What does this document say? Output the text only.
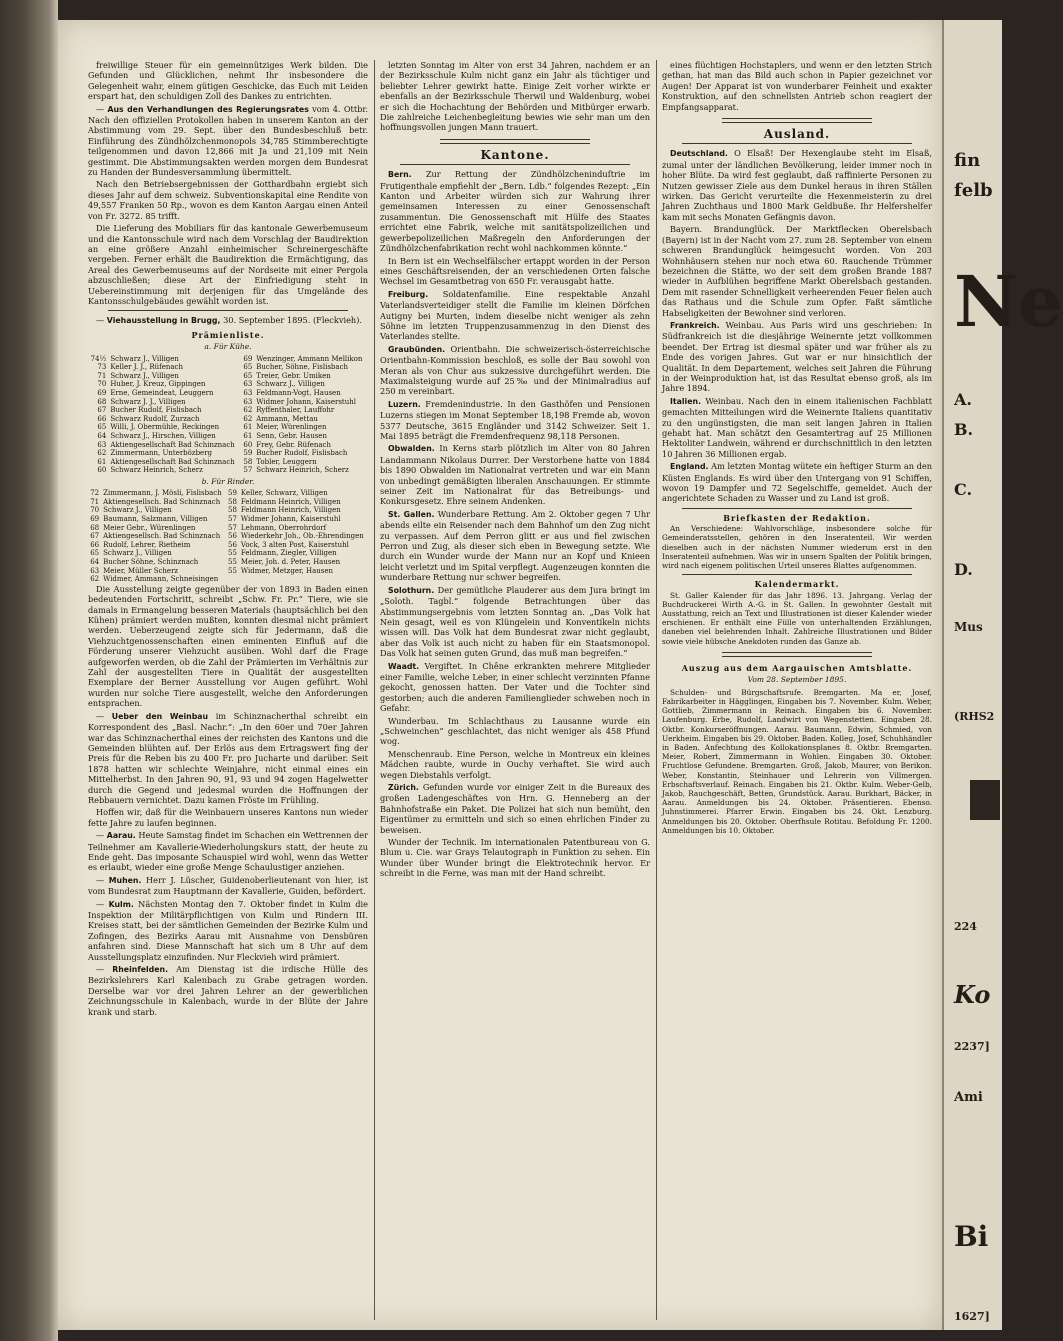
freiwillige Steuer für ein gemeinnütziges Werk bilden. Die Gefunden und Glücklichen, nehmt Ihr insbesondere die Gelegenheit wahr, einem gütigen Geschicke, das Euch mit Leiden erspart hat, den schuldigen Zoll des Dankes zu entrichten.

— Aus den Verhandlungen des Regierungsrates vom 4. Ottbr. Nach den offiziellen Protokollen haben in unserem Kanton an der Abstimmung vom 29. Sept. über den Bundesbeschluß betr. Einführung des Zündhölzchenmonopols 34,785 Stimmberechtigte teilgenommen und davon 12,866 mit Ja und 21,109 mit Nein gestimmt. Die Abstimmungsakten werden morgen dem Bundesrat zu Handen der Bundesversammlung übermittelt.

Nach den Betriebsergebnissen der Gotthardbahn ergiebt sich dieses Jahr auf dem schweiz. Subventionskapital eine Rendite von 49,557 Franken 50 Rp., wovon es dem Kanton Aargau einen Anteil von Fr. 3272. 85 trifft.

Die Lieferung des Mobiliars für das kantonale Gewerbemuseum und die Kantonsschule wird nach dem Vorschlag der Baudirektion an eine größere Anzahl einheimischer Schreinergeschäfte vergeben. Ferner erhält die Baudirektion die Ermächtigung, das Areal des Gewerbemuseums auf der Nordseite mit einer Pergola abzuschließen; diese Art der Einfriedigung steht in Uebereinstimmung mit derjenigen für das Umgelände des Kantonsschulgebäudes gewählt worden ist.

— Viehausstellung in Brugg, 30. September 1895. (Fleckvieh).

Prämienliste.
a. Für Kühe.
74½	Schwarz J., Villigen	69	Wenzinger, Ammann Mellikon
73	Keller J. J., Rüfenach	65	Bucher, Söhne, Fislisbach
71	Schwarz J., Villigen	65	Treier, Gebr. Umiken
70	Huber, J. Kreuz, Gippingen	63	Schwarz J., Villigen
69	Erne, Gemeindeat, Leuggern	63	Feldmann-Vogt, Hausen
68	Schwarz J. J., Villigen	63	Widmer Johann, Kaiserstuhl
67	Bucher Rudolf, Fislisbach	62	Ryffenthaler, Lauffohr
66	Schwarz Rudolf, Zurzach	62	Ammann, Mettau
65	Willi, J. Obermühle, Reckingen	61	Meier, Würenlingen
64	Schwarz J., Hirschen, Villigen	61	Senn, Gebr. Hausen
63	Aktiengesellschaft Bad Schinznach	60	Frey, Gebr. Rüfenach
62	Zimmermann, Unterbözberg	59	Bucher Rudolf, Fislisbach
61	Aktiengesellschaft Bad Schinznach	58	Tobler, Leuggern
60	Schwarz Heinrich, Scherz	57	Schwarz Heinrich, Scherz
b. Für Rinder.
72	Zimmermann, J. Mösli, Fislisbach	59	Keller, Schwarz, Villigen
71	Aktiengesellsch. Bad Schinznach	58	Feldmann Heinrich, Villigen
70	Schwarz J., Villigen	58	Feldmann Heinrich, Villigen
69	Baumann, Salzmann, Villigen	57	Widmer Johann, Kaiserstuhl
68	Meier Gebr., Würenlingen	57	Lehmann, Oberrohrdorf
67	Aktiengesellsch. Bad Schinznach	56	Wiederkehr Joh., Ob.-Ehrendingen
66	Rudolf, Lehrer, Rietheim	56	Vock, 3 alten Post, Kaiserstuhl
65	Schwarz J., Villigen	55	Feldmann, Ziegler, Villigen
64	Bucher Söhne, Schinznach	55	Meier, Joh. d. Peter, Hausen
63	Meier, Müller Scherz	55	Widmer, Metzger, Hausen
62	Widmer, Ammann, Schneisingen		

Die Ausstellung zeigte gegenüber der von 1893 in Baden einen bedeutenden Fortschritt, schreibt „Schw. Fr. Pr.“ Tiere, wie sie damals in Ermangelung besseren Materials (hauptsächlich bei den Kühen) prämiert werden mußten, konnten diesmal nicht prämiert werden. Ueberzeugend zeigte sich für Jedermann, daß die Viehzuchtgenossenschaften einen eminenten Einfluß auf die Förderung unserer Viehzucht ausüben. Wohl darf die Frage aufgeworfen werden, ob die Zahl der Prämierten im Verhältnis zur Zahl der ausgestellten Tiere in Qualität der ausgestellten Exemplare der Berner Ausstellung vor Augen geführt. Wohl wurden nur solche Tiere ausgestellt, welche den Anforderungen entsprachen.

— Ueber den Weinbau im Schinznacherthal schreibt ein Korrespondent des „Basl. Nachr.“: „In den 60er und 70er Jahren war das Schinznacherthal eines der reichsten des Kantons und die Gemeinden blühten auf. Der Erlös aus dem Ertragswert fing der Preis für die Reben bis zu 400 Fr. pro Jucharte und darüber. Seit 1878 hatten wir schlechte Weinjahre, nicht einmal eines ein Mittelherbst. In den Jahren 90, 91, 93 und 94 zogen Hagelwetter durch die Gegend und jedesmal wurden die Hoffnungen der Rebbauern vernichtet. Dazu kamen Fröste im Frühling.

Hoffen wir, daß für die Weinbauern unseres Kantons nun wieder fette Jahre zu laufen beginnen.

— Aarau. Heute Samstag findet im Schachen ein Wettrennen der Teilnehmer am Kavallerie-Wiederholungskurs statt, der heute zu Ende geht. Das imposante Schauspiel wird wohl, wenn das Wetter es erlaubt, wieder eine große Menge Schaulustiger anziehen.

— Muhen. Herr J. Lüscher, Guidenoberlieutenant von hier, ist vom Bundesrat zum Hauptmann der Kavallerie, Guiden, befördert.

— Kulm. Nächsten Montag den 7. Oktober findet in Kulm die Inspektion der Militärpflichtigen von Kulm und Rindern III. Kreises statt, bei der sämtlichen Gemeinden der Bezirke Kulm und Zofingen, des Bezirks Aarau mit Ausnahme von Densbüren anfahren sind. Diese Mannschaft hat sich um 8 Uhr auf dem Ausstellungsplatz einzufinden. Nur Fleckvieh wird prämiert.

— Rheinfelden. Am Dienstag ist die irdische Hülle des Bezirkslehrers Karl Kalenbach zu Grabe getragen worden. Derselbe war vor drei Jahren Lehrer an der gewerblichen Zeichnungsschule in Kalenbach, wurde in der Blüte der Jahre krank und starb.

letzten Sonntag im Alter von erst 34 Jahren, nachdem er an der Bezirksschule Kulm nicht ganz ein Jahr als tüchtiger und beliebter Lehrer gewirkt hatte. Einige Zeit vorher wirkte er ebenfalls an der Bezirksschule Therwil und Waldenburg, wobei er sich die Hochachtung der Behörden und Mitbürger erwarb. Die zahlreiche Leichenbegleitung bewies wie sehr man um den hoffnungsvollen jungen Mann trauert.

Kantone.

Bern. Zur Rettung der Zündhölzcheninduſtrie im Frutigenthale empfiehlt der „Bern. Ldb.“ folgendes Rezept: „Ein Kanton und Arbeiter würden sich zur Wahrung ihrer gemeinsamen Interessen zu einer Genossenschaft zusammentun. Die Genossenschaft mit Hülfe des Staates errichtet eine Fabrik, welche mit sanitätspolizeilichen und gewerbepolizeilichen Maßregeln den Anforderungen der Zündhölzchenfabrikation recht wohl nachkommen könnte.“

In Bern ist ein Wechselfälscher ertappt worden in der Person eines Geschäftsreisenden, der an verschiedenen Orten falsche Wechsel im Gesamtbetrag von 650 Fr. verausgabt hatte.

Freiburg. Soldatenfamilie. Eine respektable Anzahl Vaterlandsverteidiger stellt die Familie im kleinen Dörfchen Autigny bei Murten, indem dieselbe nicht weniger als zehn Söhne im letzten Truppenzusammenzug in den Dienst des Vaterlandes stellte.

Graubünden. Orientbahn. Die schweizerisch-österreichische Orientbahn-Kommission beschloß, es solle der Bau sowohl von Meran als von Chur aus sukzessive durchgeführt werden. Die Maximalsteigung wurde auf 25‰ und der Minimalradius auf 250 m vereinbart.

Luzern. Fremdenindustrie. In den Gasthöfen und Pensionen Luzerns stiegen im Monat September 18,198 Fremde ab, wovon 5377 Deutsche, 3615 Engländer und 3142 Schweizer. Seit 1. Mai 1895 beträgt die Fremdenfrequenz 98,118 Personen.

Obwalden. In Kerns starb plötzlich im Alter von 80 Jahren Landammann Nikolaus Durrer. Der Verstorbene hatte von 1884 bis 1890 Obwalden im Nationalrat vertreten und war ein Mann von unbedingt gemäßigten liberalen Anschauungen. Er stimmte seiner Zeit im Nationalrat für das Betreibungs- und Konkursgesetz. Ehre seinem Andenken.

St. Gallen. Wunderbare Rettung. Am 2. Oktober gegen 7 Uhr abends eilte ein Reisender nach dem Bahnhof um den Zug nicht zu verpassen. Auf dem Perron glitt er aus und fiel zwischen Perron und Zug, als dieser sich eben in Bewegung setzte. Wie durch ein Wunder wurde der Mann nur an Kopf und Knieen leicht verletzt und im Spital verpflegt. Augenzeugen konnten die wunderbare Rettung nur schwer begreifen.

Solothurn. Der gemütliche Plauderer aus dem Jura bringt im „Soloth. Tagbl.“ folgende Betrachtungen über das Abstimmungsergebnis vom letzten Sonntag an. „Das Volk hat Nein gesagt, weil es von Klüngelein und Konventikeln nichts wissen will. Das Volk hat dem Bundesrat zwar nicht geglaubt, aber das Volk ist auch nicht zu haben für ein Staatsmonopol. Das Volk hat seinen guten Grund, das muß man begreifen.“

Waadt. Vergiftet. In Chêne erkrankten mehrere Mitglieder einer Familie, welche Leber, in einer schlecht verzinnten Pfanne gekocht, genossen hatten. Der Vater und die Tochter sind gestorben; auch die anderen Familienglieder schweben noch in Gefahr.

Wunderbau. Im Schlachthaus zu Lausanne wurde ein „Schweinchen“ geschlachtet, das nicht weniger als 458 Pfund wog.

Menschenraub. Eine Person, welche in Montreux ein kleines Mädchen raubte, wurde in Ouchy verhaftet. Sie wird auch wegen Diebstahls verfolgt.

Zürich. Gefunden wurde vor einiger Zeit in die Bureaux des großen Ladengeschäftes von Hrn. G. Henneberg an der Bahnhofstraße ein Paket. Die Polizei hat sich nun bemüht, den Eigentümer zu ermitteln und sich so einen ehrlichen Finder zu beweisen.

Wunder der Technik. Im internationalen Patentbureau von G. Blum u. Cie. war Grays Telautograph in Funktion zu sehen. Ein Wunder über Wunder bringt die Elektrotechnik hervor. Er schreibt in die Ferne, was man mit der Hand schreibt.

eines flüchtigen Hochstaplers, und wenn er den letzten Strich gethan, hat man das Bild auch schon in Papier gezeichnet vor Augen! Der Apparat ist von wunderbarer Feinheit und exakter Konstruktion, auf den schnellsten Antrieb schon reagiert der Empfangsapparat.

Ausland.

Deutschland. O Elsaß! Der Hexenglaube steht im Elsaß, zumal unter der ländlichen Bevölkerung, leider immer noch in hoher Blüte. Da wird fest geglaubt, daß raffinierte Personen zu Nutzen gewisser Ziele aus dem Dunkel heraus in ihren Ställen wirken. Das Gericht verurteilte die Hexenmeisterin zu drei Jahren Zuchthaus und 1800 Mark Geldbuße. Ihr Helfershelfer kam mit sechs Monaten Gefängnis davon.

Bayern. Brandunglück. Der Marktflecken Oberelsbach (Bayern) ist in der Nacht vom 27. zum 28. September von einem schweren Brandunglück heimgesucht worden. Von 203 Wohnhäusern stehen nur noch etwa 60. Rauchende Trümmer bezeichnen die Stätte, wo der seit dem großen Brande 1887 wieder in Aufblühen begriffene Markt Oberelsbach gestanden. Dem mit rasender Schnelligkeit verheerenden Feuer fielen auch das Rathaus und die Schule zum Opfer. Faßt sämtliche Habseligkeiten der Bewohner sind verloren.

Frankreich. Weinbau. Aus Paris wird uns geschrieben: In Südfrankreich ist die diesjährige Weinernte jetzt vollkommen beendet. Der Ertrag ist diesmal später und war früher als zu Ende des vorigen Jahres. Gut war er nur hinsichtlich der Qualität. In dem Departement, welches seit Jahren die Führung in der Weinproduktion hat, ist das Resultat ebenso groß, als im Jahre 1894.

Italien. Weinbau. Nach den in einem italienischen Fachblatt gemachten Mitteilungen wird die Weinernte Italiens quantitativ zu den ungünstigsten, die man seit langen Jahren in Italien gehabt hat. Man schätzt den Gesamtertrag auf 25 Millionen Hektoliter Landwein, während er durchschnittlich in den letzten 10 Jahren 36 Millionen ergab.

England. Am letzten Montag wütete ein heftiger Sturm an den Küsten Englands. Es wird über den Untergang von 91 Schiffen, wovon 19 Dampfer und 72 Segelschiffe, gemeldet. Auch der angerichtete Schaden zu Wasser und zu Land ist groß.

Briefkasten der Redaktion.

An Verschiedene: Wahlvorschläge, insbesondere solche für Gemeinderatsstellen, gehören in den Inseratenteil. Wir werden dieselben auch in der nächsten Nummer wiederum erst in den Inseratenteil aufnehmen. Was wir in unsern Spalten der Politik bringen, wird nach eigenem politischen Urteil unseres Blattes aufgenommen.

Kalendermarkt.

St. Galler Kalender für das Jahr 1896. 13. Jahrgang. Verlag der Buchdruckerei Wirth A.-G. in St. Gallen. In gewohnter Gestalt mit Ausstattung, reich an Text und Illustrationen ist dieser Kalender wieder erschienen. Er enthält eine Fülle von unterhaltenden Erzählungen, daneben viel belehrenden Inhalt. Zahlreiche Illustrationen und Bilder sowie viele hübsche Anekdoten runden das Ganze ab.

Auszug aus dem Aargauischen Amtsblatte.
Vom 28. September 1895.

Schulden- und Bürgschaftsrufe. Bremgarten. Ma er, Josef, Fabrikarbeiter in Hägglingen, Eingaben bis 7. November. Kulm. Weber, Gottlieb, Zimmermann in Reinach. Eingaben bis 6. November. Laufenburg. Erbe, Rudolf, Landwirt von Wegenstetten. Eingaben 28. Oktbr. Konkurseröffnungen. Aarau. Baumann, Edwin, Schmied, von Uerkheim. Eingaben bis 29. Oktober. Baden. Kolleg, Josef, Schuhhändler in Baden. Anfechtung des Kollokationsplanes 8. Oktbr. Bremgarten. Meier, Robert, Zimmermann in Wohlen. Eingaben 30. Oktober. Fruchtlose Gefundene. Bremgarten. Groß, Jakob, Maurer, von Berikon. Weber, Konstantin, Steinhauer und Lehrerin von Villmergen. Erbschaftsverlauf. Reinach. Eingaben bis 21. Oktbr. Kulm. Weber-Gelb, Jakob, Rauchgeschäft, Betten, Grundstück. Aarau. Burkhart, Bäcker, in Aarau. Anmeldungen bis 24. Oktober. Präsentieren. Ebenso. Juhnstimmerei. Pfarrer Erwin. Eingaben bis 24. Okt. Lenzburg. Anmeldungen bis 20. Oktober. Oberfhsule Rotitau. Befoldung Fr. 1200. Anmeldungen bis 10. Oktober.

fin
felb
Ne
A.
B.
C.
D.
Mus
(RHS2
224
Ko
2237]
Ami
Bi
1627]
